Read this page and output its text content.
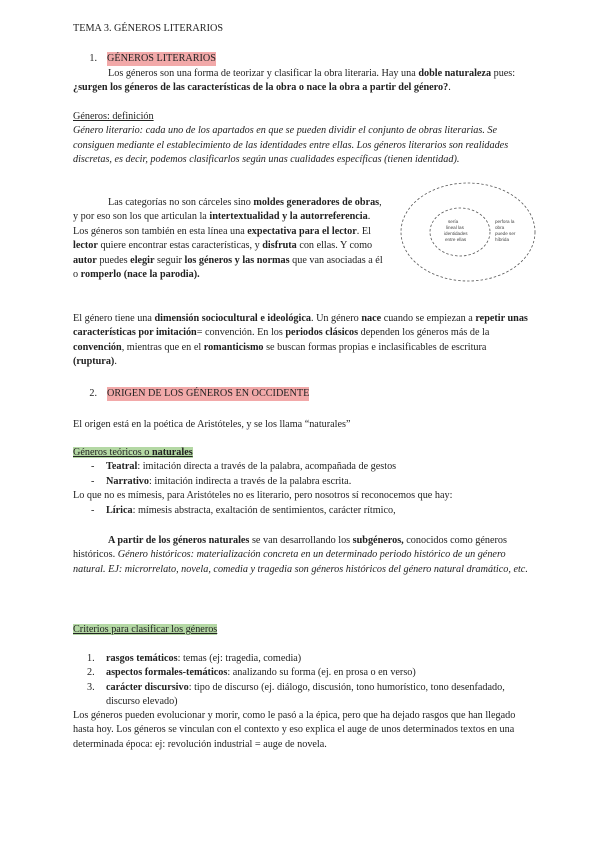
TEMA 3. GÉNEROS LITERARIOS
1. GÉNEROS LITERARIOS

Los géneros son una forma de teorizar y clasificar la obra literaria. Hay una doble naturaleza pues: ¿surgen los géneros de las características de la obra o nace la obra a partir del género?.

Géneros: definición

Género literario: cada uno de los apartados en que se pueden dividir el conjunto de obras literarias. Se consiguen mediante el establecimiento de las identidades entre ellas. Los géneros literarios son realidades discretas, es decir, podemos clasificarlos según unas cualidades específicas (tienen identidad).

Las categorías no son cárceles sino moldes generadores de obras, y por eso son los que articulan la intertextualidad y la autorreferencia. Los géneros son también en esta línea una expectativa para el lector. El lector quiere encontrar estas características, y disfruta con ellas. Y como autor puedes elegir seguir los géneros y las normas que van asociadas a él o romperlo (nace la parodia).

sería
lineal las
identidades
entre ellas
perfora la
obra
puede ser
híbrida

El género tiene una dimensión sociocultural e ideológica. Un género nace cuando se empiezan a repetir unas características por imitación= convención. En los periodos clásicos dependen los géneros más de la convención, mientras que en el romanticismo se buscan formas propias e inclasificables de escritura (ruptura).

2. ORIGEN DE LOS GÉNEROS EN OCCIDENTE

El origen está en la poética de Aristóteles, y se los llama “naturales”

Géneros teóricos o naturales

- Teatral: imitación directa a través de la palabra, acompañada de gestos
- Narrativo: imitación indirecta a través de la palabra escrita.

Lo que no es mímesis, para Aristóteles no es literario, pero nosotros sí reconocemos que hay:

- Lírica: mímesis abstracta, exaltación de sentimientos, carácter rítmico,

A partir de los géneros naturales se van desarrollando los subgéneros, conocidos como géneros históricos. Género históricos: materialización concreta en un determinado periodo histórico de un género natural. EJ: microrrelato, novela, comedia y tragedia son géneros históricos del género natural dramático, etc.

Criterios para clasificar los géneros

1. rasgos temáticos: temas (ej: tragedia, comedia)
2. aspectos formales-temáticos: analizando su forma (ej. en prosa o en verso)
3. carácter discursivo: tipo de discurso (ej. diálogo, discusión, tono humorístico, tono desenfadado, discurso elevado)

Los géneros pueden evolucionar y morir, como le pasó a la épica, pero que ha dejado rasgos que han llegado hasta hoy. Los géneros se vinculan con el contexto y eso explica el auge de unos determinados textos en una determinada época: ej: revolución industrial = auge de novela.
